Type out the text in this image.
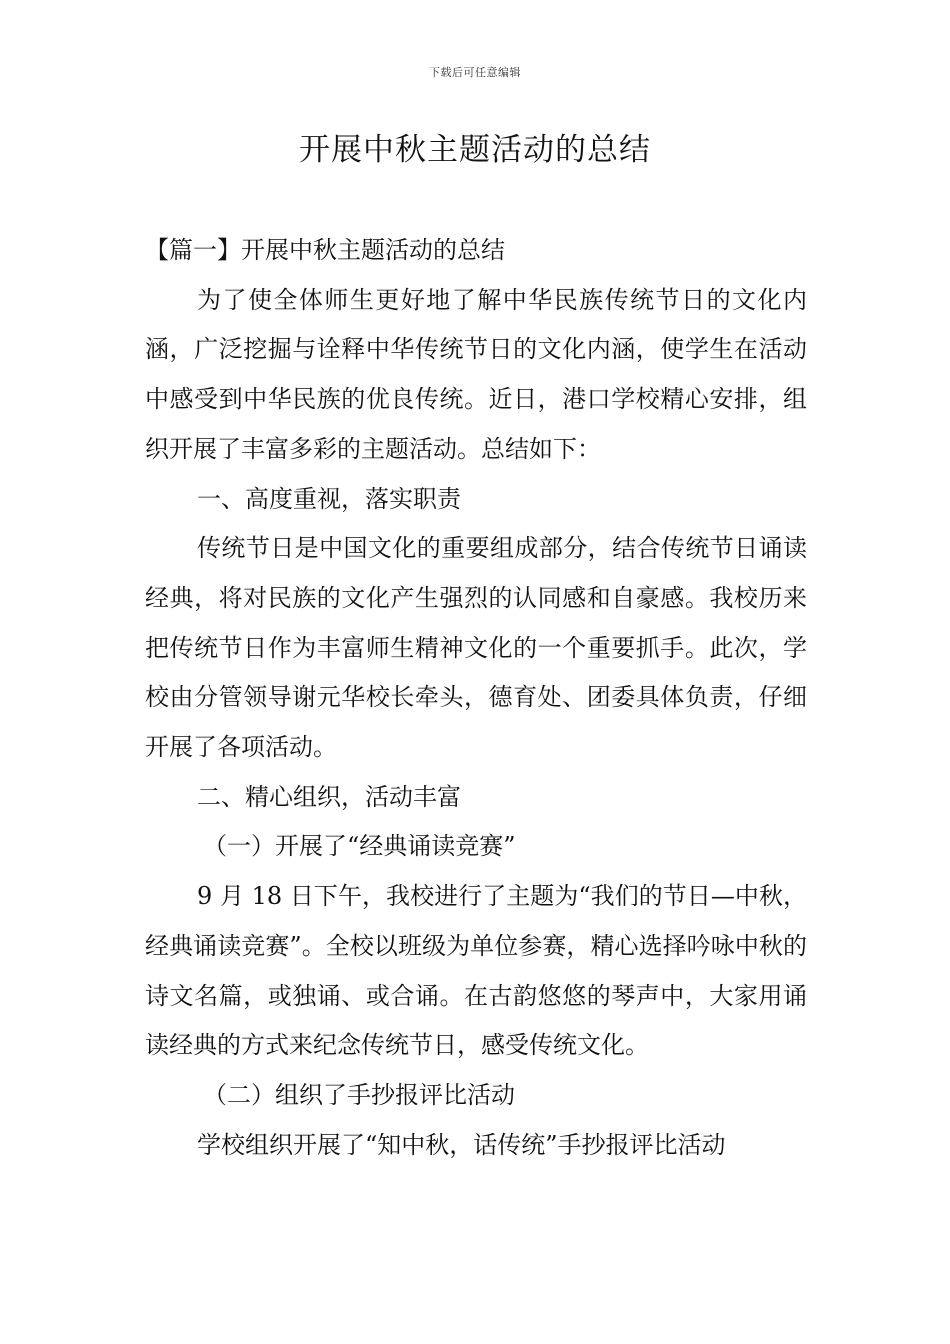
下载后可任意编辑
开展中秋主题活动的总结

【篇一】开展中秋主题活动的总结

为了使全体师生更好地了解中华民族传统节日的文化内涵，广泛挖掘与诠释中华传统节日的文化内涵，使学生在活动中感受到中华民族的优良传统。近日，港口学校精心安排，组织开展了丰富多彩的主题活动。总结如下：

一、高度重视，落实职责

传统节日是中国文化的重要组成部分，结合传统节日诵读经典，将对民族的文化产生强烈的认同感和自豪感。我校历来把传统节日作为丰富师生精神文化的一个重要抓手。此次，学校由分管领导谢元华校长牵头，德育处、团委具体负责，仔细开展了各项活动。

二、精心组织，活动丰富

（一）开展了“经典诵读竞赛”

9 月 18 日下午，我校进行了主题为“我们的节日—中秋，经典诵读竞赛”。全校以班级为单位参赛，精心选择吟咏中秋的诗文名篇，或独诵、或合诵。在古韵悠悠的琴声中，大家用诵读经典的方式来纪念传统节日，感受传统文化。

（二）组织了手抄报评比活动

学校组织开展了“知中秋，话传统”手抄报评比活动
